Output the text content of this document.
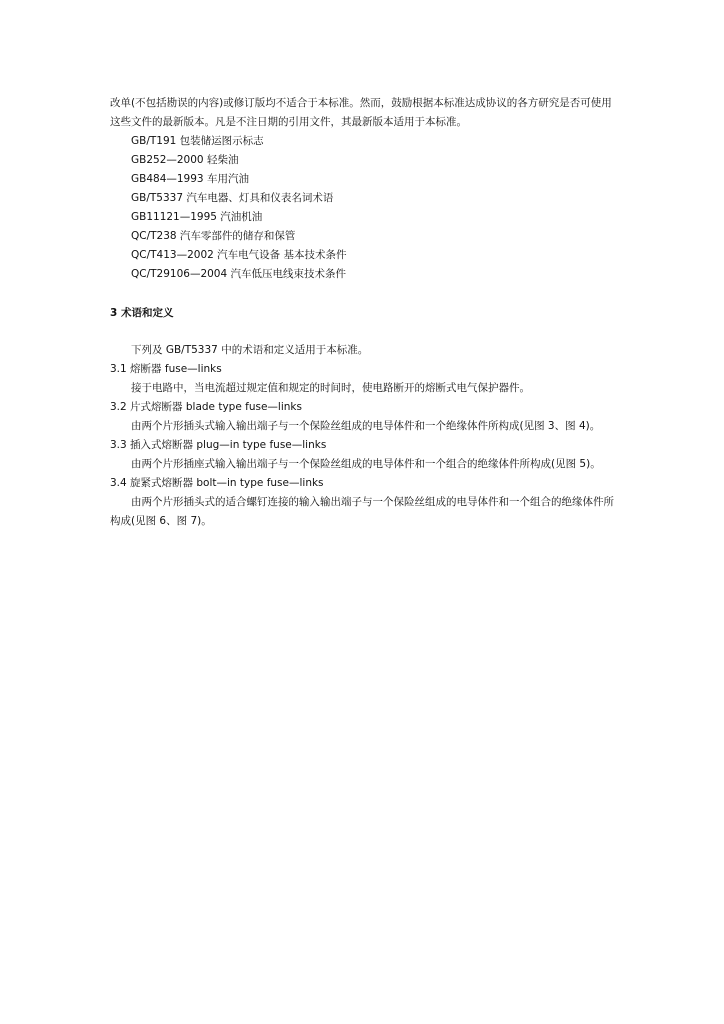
改单(不包括勘误的内容)或修订版均不适合于本标准。然而，鼓励根据本标准达成协议的各方研究是否可使用这些文件的最新版本。凡是不注日期的引用文件，其最新版本适用于本标准。

GB/T191 包装储运图示标志
GB252—2000 轻柴油
GB484—1993 车用汽油
GB/T5337 汽车电器、灯具和仪表名词术语
GB11121—1995 汽油机油
QC/T238 汽车零部件的储存和保管
QC/T413—2002 汽车电气设备 基本技术条件
QC/T29106—2004 汽车低压电线束技术条件
3 术语和定义
下列及 GB/T5337 中的术语和定义适用于本标准。
3.1 熔断器 fuse—links
接于电路中，当电流超过规定值和规定的时间时，使电路断开的熔断式电气保护器件。
3.2 片式熔断器 blade type fuse—links
由两个片形插头式输入输出端子与一个保险丝组成的电导体件和一个绝缘体件所构成(见图 3、图 4)。
3.3 插入式熔断器 plug—in type fuse—links
由两个片形插座式输入输出端子与一个保险丝组成的电导体件和一个组合的绝缘体件所构成(见图 5)。
3.4 旋紧式熔断器 bolt—in type fuse—links
由两个片形插头式的适合螺钉连接的输入输出端子与一个保险丝组成的电导体件和一个组合的绝缘体件所构成(见图 6、图 7)。
